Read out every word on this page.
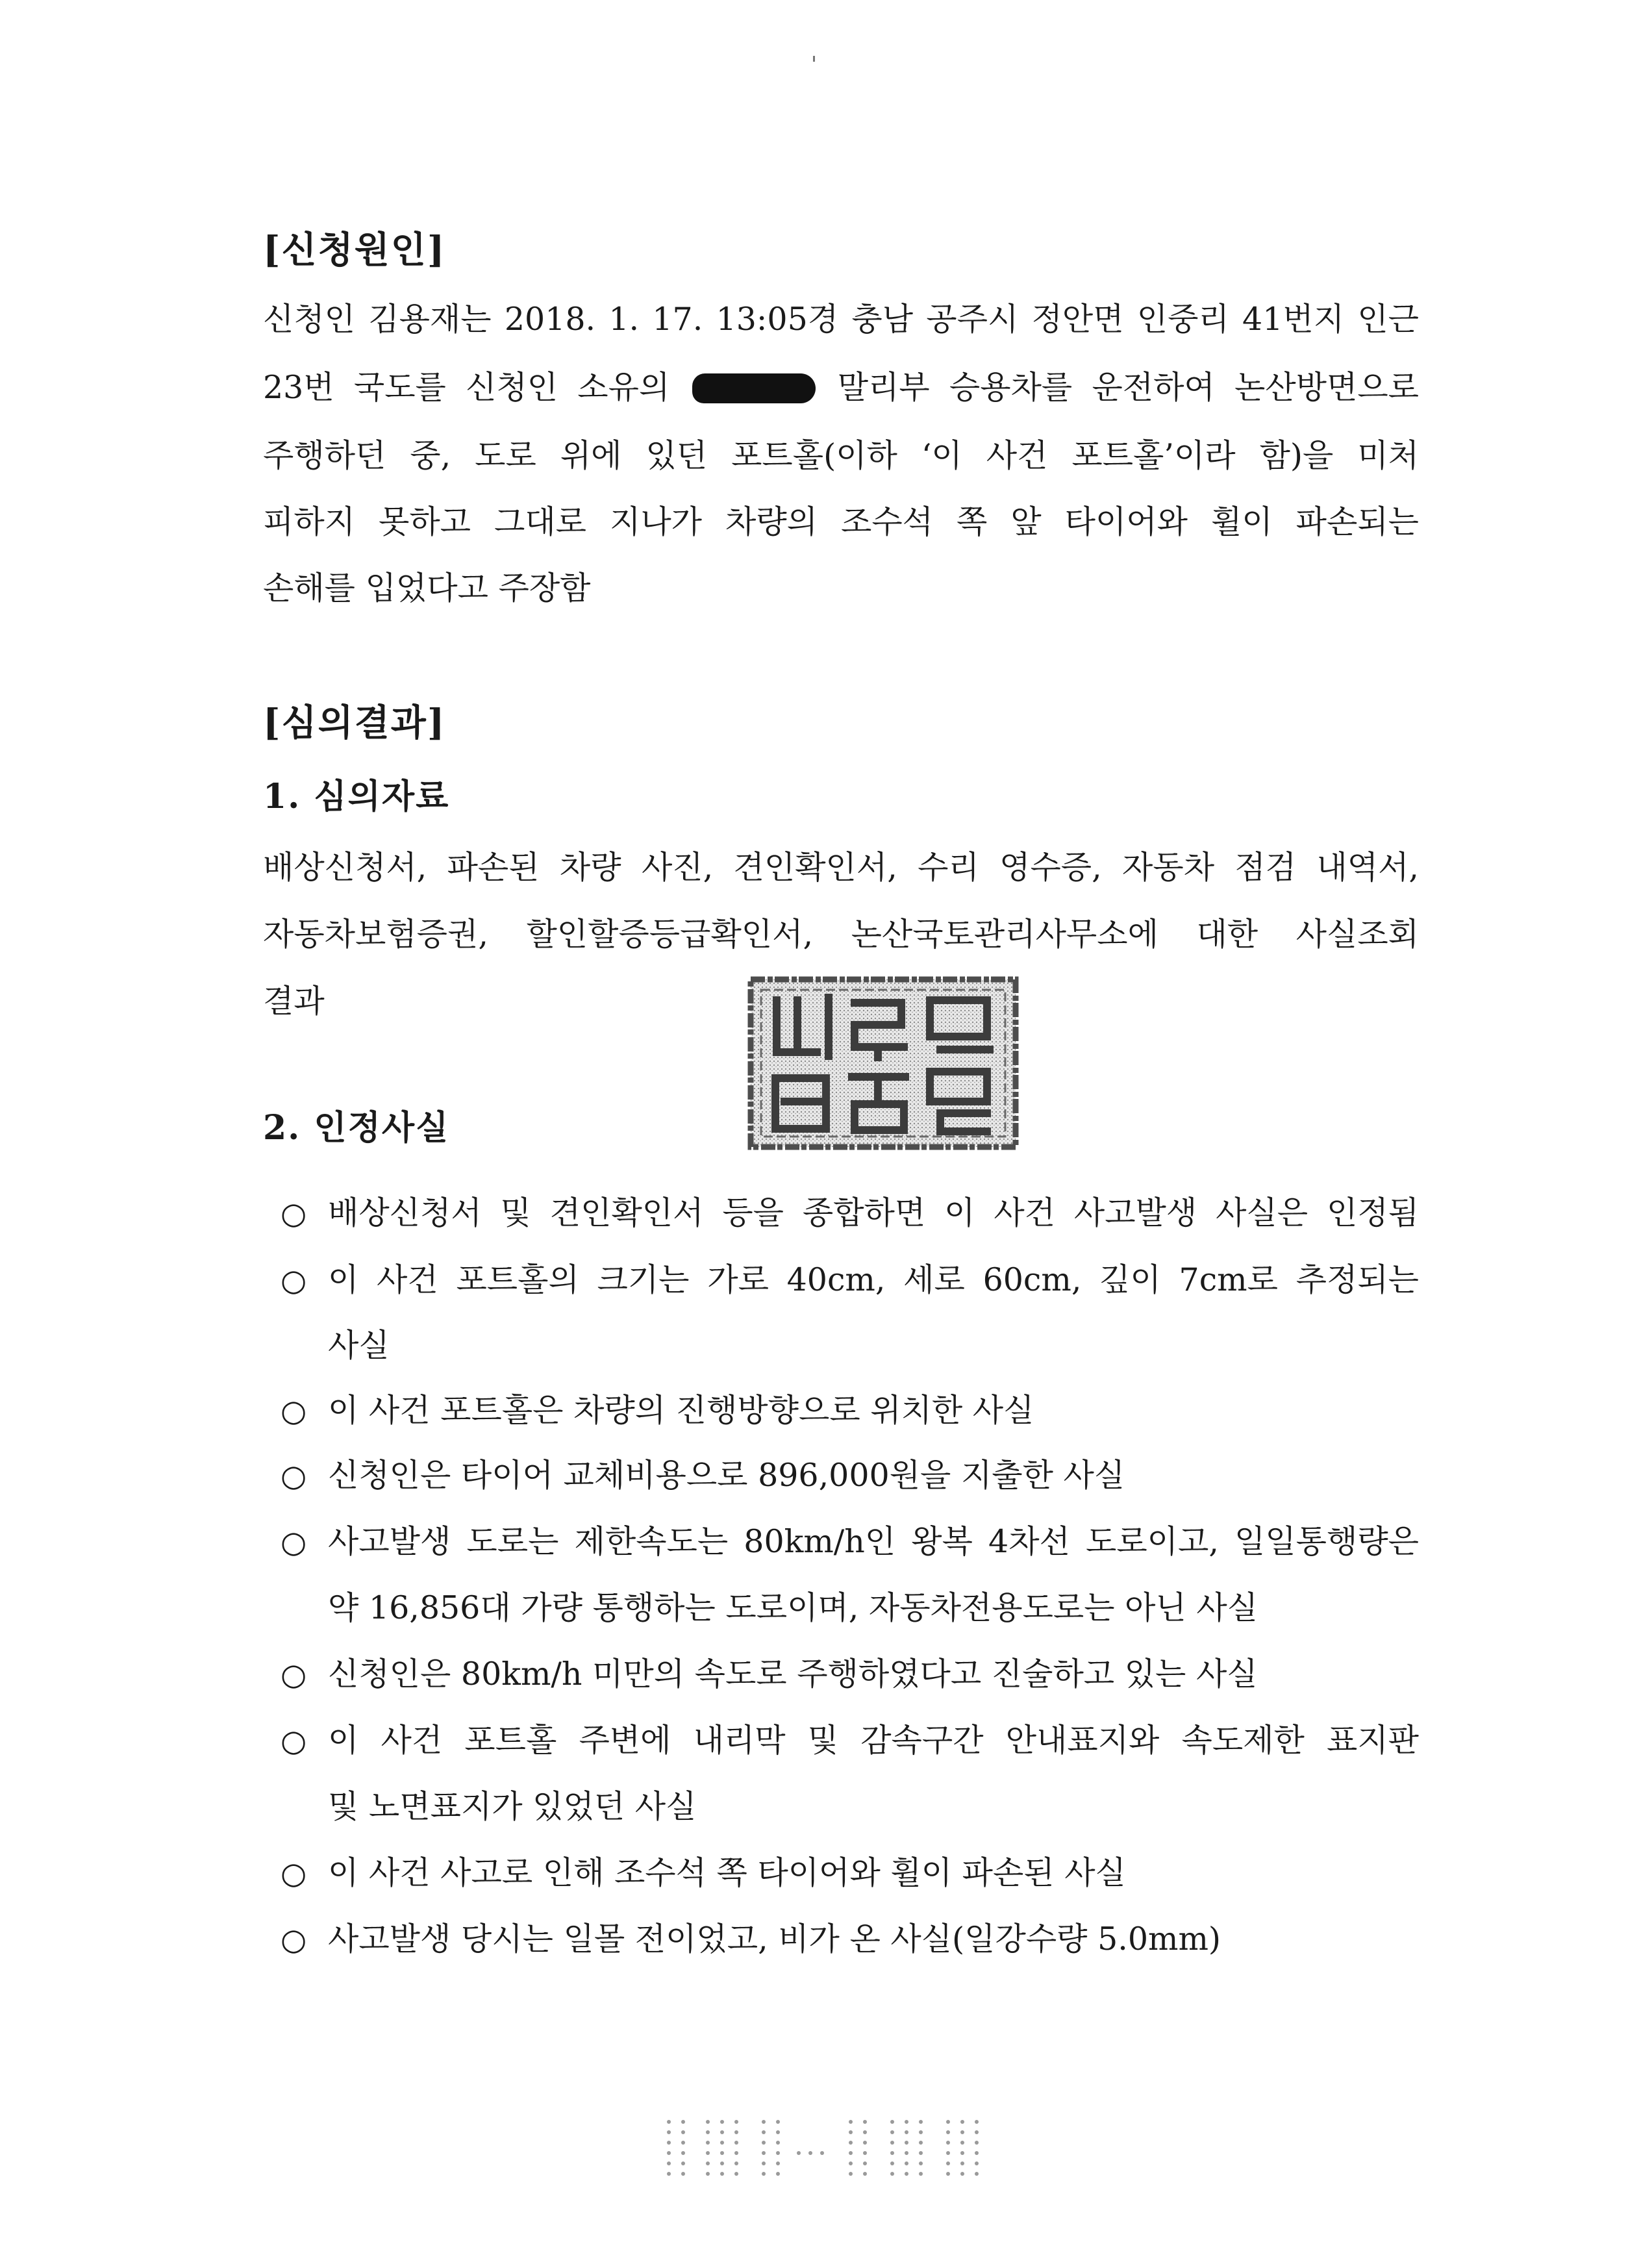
[신청원인]
신청인 김용재는 2018. 1. 17. 13:05경 충남 공주시 정안면 인중리 41번지 인근
23번 국도를 신청인 소유의	말리부 승용차를 운전하여 논산방면으로
주행하던 중, 도로 위에 있던 포트홀(이하 ‘이 사건 포트홀’이라 함)을 미처
피하지 못하고 그대로 지나가 차량의 조수석 쪽 앞 타이어와 휠이 파손되는
손해를 입었다고 주장함
[심의결과]
1. 심의자료
배상신청서, 파손된 차량 사진, 견인확인서, 수리 영수증, 자동차 점검 내역서,
자동차보험증권, 할인할증등급확인서, 논산국토관리사무소에 대한 사실조회
결과
2. 인정사실
○ 배상신청서 및 견인확인서 등을 종합하면 이 사건 사고발생 사실은 인정됨
○ 이 사건 포트홀의 크기는 가로 40cm, 세로 60cm, 깊이 7cm로 추정되는
사실
○ 이 사건 포트홀은 차량의 진행방향으로 위치한 사실
○ 신청인은 타이어 교체비용으로 896,000원을 지출한 사실
○ 사고발생 도로는 제한속도는 80km/h인 왕복 4차선 도로이고, 일일통행량은
약 16,856대 가량 통행하는 도로이며, 자동차전용도로는 아닌 사실
○ 신청인은 80km/h 미만의 속도로 주행하였다고 진술하고 있는 사실
○ 이 사건 포트홀 주변에 내리막 및 감속구간 안내표지와 속도제한 표지판
및 노면표지가 있었던 사실
○ 이 사건 사고로 인해 조수석 쪽 타이어와 휠이 파손된 사실
○ 사고발생 당시는 일몰 전이었고, 비가 온 사실(일강수량 5.0mm)
